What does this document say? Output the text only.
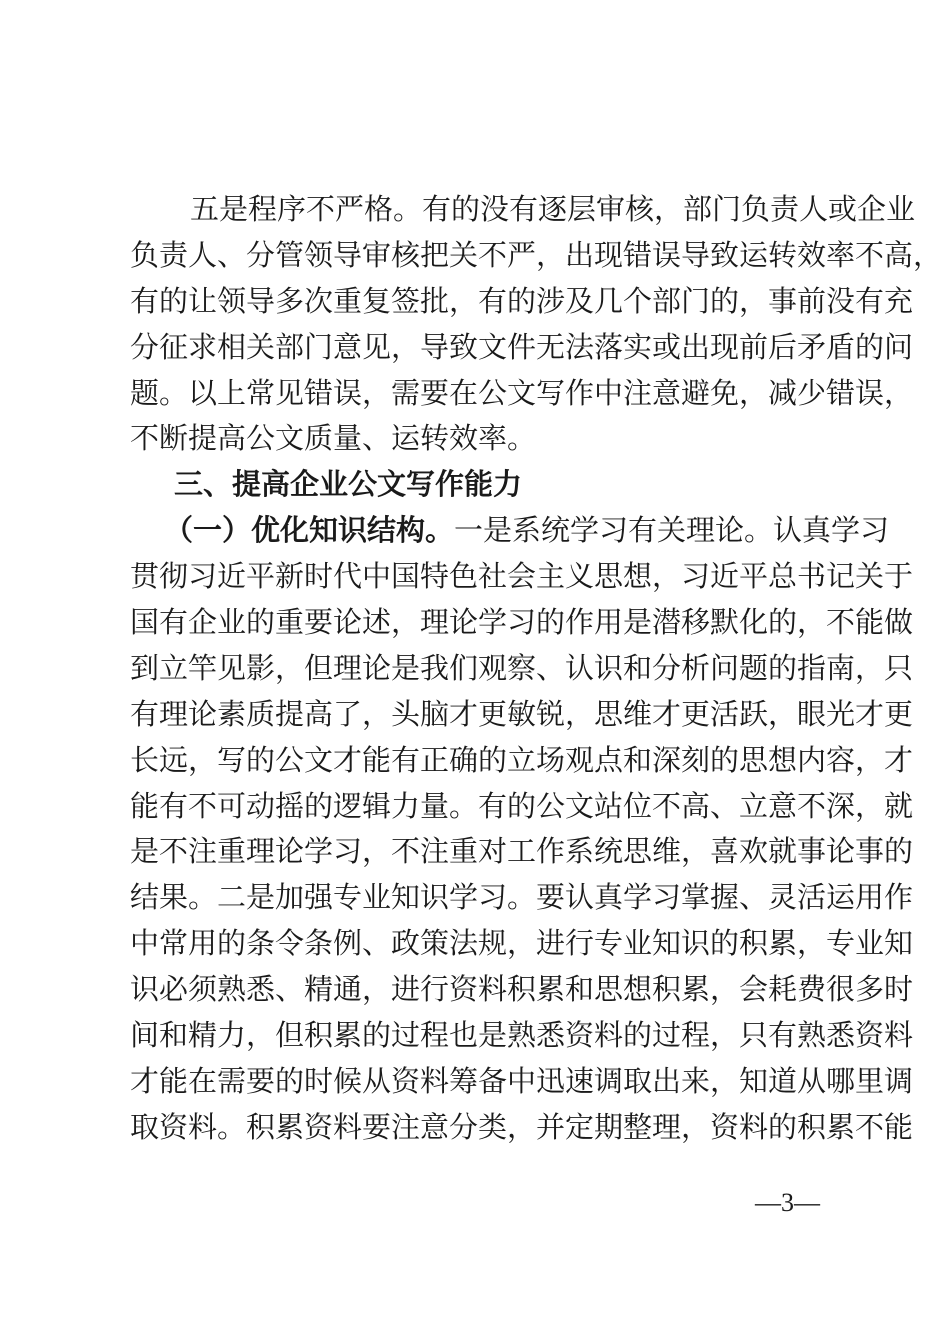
五是程序不严格。有的没有逐层审核，部门负责人或企业
负责人、分管领导审核把关不严，出现错误导致运转效率不高，
有的让领导多次重复签批，有的涉及几个部门的，事前没有充
分征求相关部门意见，导致文件无法落实或出现前后矛盾的问
题。以上常见错误，需要在公文写作中注意避免，减少错误，
不断提高公文质量、运转效率。
三、提高企业公文写作能力
（一）优化知识结构。一是系统学习有关理论。认真学习
贯彻习近平新时代中国特色社会主义思想，习近平总书记关于
国有企业的重要论述，理论学习的作用是潜移默化的，不能做
到立竿见影，但理论是我们观察、认识和分析问题的指南，只
有理论素质提高了，头脑才更敏锐，思维才更活跃，眼光才更
长远，写的公文才能有正确的立场观点和深刻的思想内容，才
能有不可动摇的逻辑力量。有的公文站位不高、立意不深，就
是不注重理论学习，不注重对工作系统思维，喜欢就事论事的
结果。二是加强专业知识学习。要认真学习掌握、灵活运用作
中常用的条令条例、政策法规，进行专业知识的积累，专业知
识必须熟悉、精通，进行资料积累和思想积累，会耗费很多时
间和精力，但积累的过程也是熟悉资料的过程，只有熟悉资料
才能在需要的时候从资料筹备中迅速调取出来，知道从哪里调
取资料。积累资料要注意分类，并定期整理，资料的积累不能
—3—
